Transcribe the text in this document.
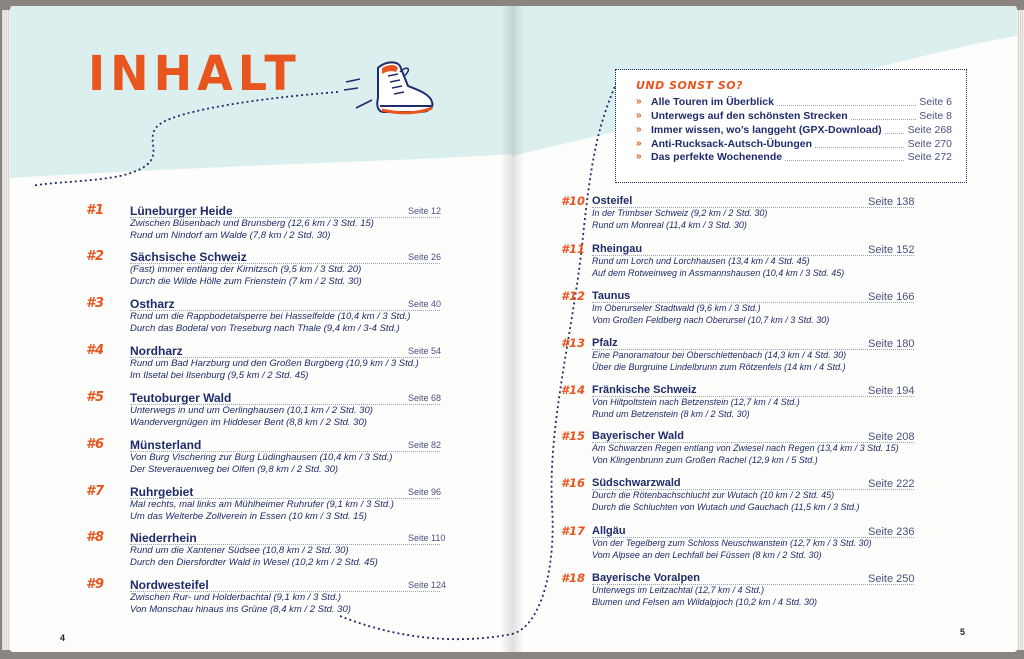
INHALT
4
#1 Lüneburger Heide	Seite 12
Zwischen Büsenbach und Brunsberg (12,6 km / 3 Std. 15)
Rund um Nindorf am Walde (7,8 km / 2 Std. 30)
#2 Sächsische Schweiz	Seite 26
(Fast) immer entlang der Kirnitzsch (9,5 km / 3 Std. 20)
Durch die Wilde Hölle zum Frienstein (7 km / 2 Std. 30)
#3 Ostharz	Seite 40
Rund um die Rappbodetalsperre bei Hasselfelde (10,4 km / 3 Std.)
Durch das Bodetal von Treseburg nach Thale (9,4 km / 3-4 Std.)
#4 Nordharz	Seite 54
Rund um Bad Harzburg und den Großen Burgberg (10,9 km / 3 Std.)
Im Ilsetal bei Ilsenburg (9,5 km / 2 Std. 45)
#5 Teutoburger Wald	Seite 68
Unterwegs in und um Oerlinghausen (10,1 km / 2 Std. 30)
Wandervergnügen im Hiddeser Bent (8,8 km / 2 Std. 30)
#6 Münsterland	Seite 82
Von Burg Vischering zur Burg Lüdinghausen (10,4 km / 3 Std.)
Der Steverauenweg bei Olfen (9,8 km / 2 Std. 30)
#7 Ruhrgebiet	Seite 96
Mal rechts, mal links am Mühlheimer Ruhrufer (9,1 km / 3 Std.)
Um das Welterbe Zollverein in Essen (10 km / 3 Std. 15)
#8 Niederrhein	Seite 110
Rund um die Xantener Südsee (10,8 km / 2 Std. 30)
Durch den Diersfordter Wald in Wesel (10,2 km / 2 Std. 45)
#9 Nordwesteifel	Seite 124
Zwischen Rur- und Holderbachtal (9,1 km / 3 Std.)
Von Monschau hinaus ins Grüne (8,4 km / 2 Std. 30)
UND SONST SO?
» Alle Touren im Überblick	Seite 6
» Unterwegs auf den schönsten Strecken	Seite 8
» Immer wissen, wo’s langgeht (GPX-Download) Seite 268
» Anti-Rucksack-Autsch-Übungen	Seite 270
» Das perfekte Wochenende	Seite 272
#10 Osteifel	Seite 138
In der Trimbser Schweiz (9,2 km / 2 Std. 30)
Rund um Monreal (11,4 km / 3 Std. 30)
#11 Rheingau	Seite 152
Rund um Lorch und Lorchhausen (13,4 km / 4 Std. 45)
Auf dem Rotweinweg in Assmannshausen (10,4 km / 3 Std. 45)
#12 Taunus	Seite 166
Im Oberurseler Stadtwald (9,6 km / 3 Std.)
Vom Großen Feldberg nach Oberursel (10,7 km / 3 Std. 30)
#13 Pfalz	Seite 180
Eine Panoramatour bei Oberschlettenbach (14,3 km / 4 Std. 30)
Über die Burgruine Lindelbrunn zum Rötzenfels (14 km / 4 Std.)
#14 Fränkische Schweiz	Seite 194
Von Hiltpoltstein nach Betzenstein (12,7 km / 4 Std.)
Rund um Betzenstein (8 km / 2 Std. 30)
#15 Bayerischer Wald	Seite 208
Am Schwarzen Regen entlang von Zwiesel nach Regen (13,4 km / 3 Std. 15)
Von Klingenbrunn zum Großen Rachel (12,9 km / 5 Std.)
#16 Südschwarzwald	Seite 222
Durch die Rötenbachschlucht zur Wutach (10 km / 2 Std. 45)
Durch die Schluchten von Wutach und Gauchach (11,5 km / 3 Std.)
#17 Allgäu	Seite 236
Von der Tegelberg zum Schloss Neuschwanstein (12,7 km / 3 Std. 30)
Vom Alpsee an den Lechfall bei Füssen (8 km / 2 Std. 30)
#18 Bayerische Voralpen	Seite 250
Unterwegs im Leitzachtal (12,7 km / 4 Std.)
Blumen und Felsen am Wildalpjoch (10,2 km / 4 Std. 30)
5
